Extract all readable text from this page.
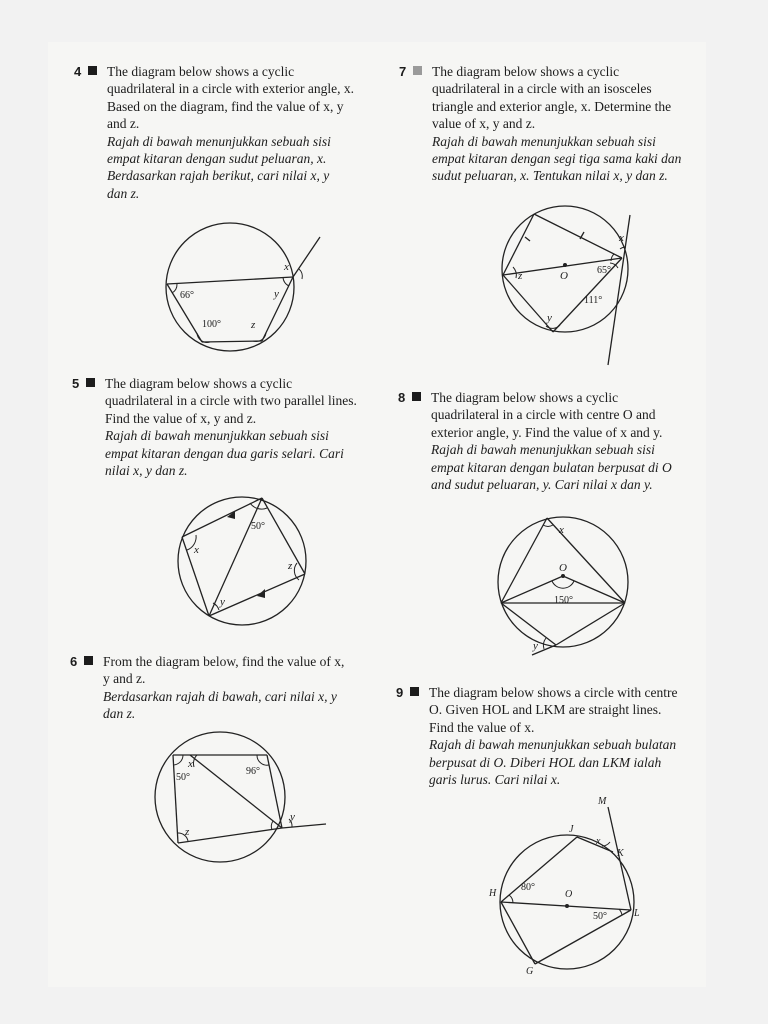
4 The diagram below shows a cyclic
quadrilateral in a circle with exterior angle, x.
Based on the diagram, find the value of x, y
and z.
Rajah di bawah menunjukkan sebuah sisi
empat kitaran dengan sudut peluaran, x.
Berdasarkan rajah berikut, cari nilai x, y
dan z.
66°
100°
x
y
z
5 The diagram below shows a cyclic
quadrilateral in a circle with two parallel lines.
Find the value of x, y and z.
Rajah di bawah menunjukkan sebuah sisi
empat kitaran dengan dua garis selari. Cari
nilai x, y dan z.
50°
x
y
z
6 From the diagram below, find the value of x,
y and z.
Berdasarkan rajah di bawah, cari nilai x, y
dan z.
50°
96°
x
y
z
7 The diagram below shows a cyclic
quadrilateral in a circle with an isosceles
triangle and exterior angle, x. Determine the
value of x, y and z.
Rajah di bawah menunjukkan sebuah sisi
empat kitaran dengan segi tiga sama kaki dan
sudut peluaran, x. Tentukan nilai x, y dan z.
O	65°
111°
x
y
z
8 The diagram below shows a cyclic
quadrilateral in a circle with centre O and
exterior angle, y. Find the value of x and y.
Rajah di bawah menunjukkan sebuah sisi
empat kitaran dengan bulatan berpusat di O
and sudut peluaran, y. Cari nilai x dan y.
O
150°
x
y
9 The diagram below shows a circle with centre
O. Given HOL and LKM are straight lines.
Find the value of x.
Rajah di bawah menunjukkan sebuah bulatan
berpusat di O. Diberi HOL dan LKM ialah
garis lurus. Cari nilai x.
M
J
K
H	O
L
G
80°
50°
x
